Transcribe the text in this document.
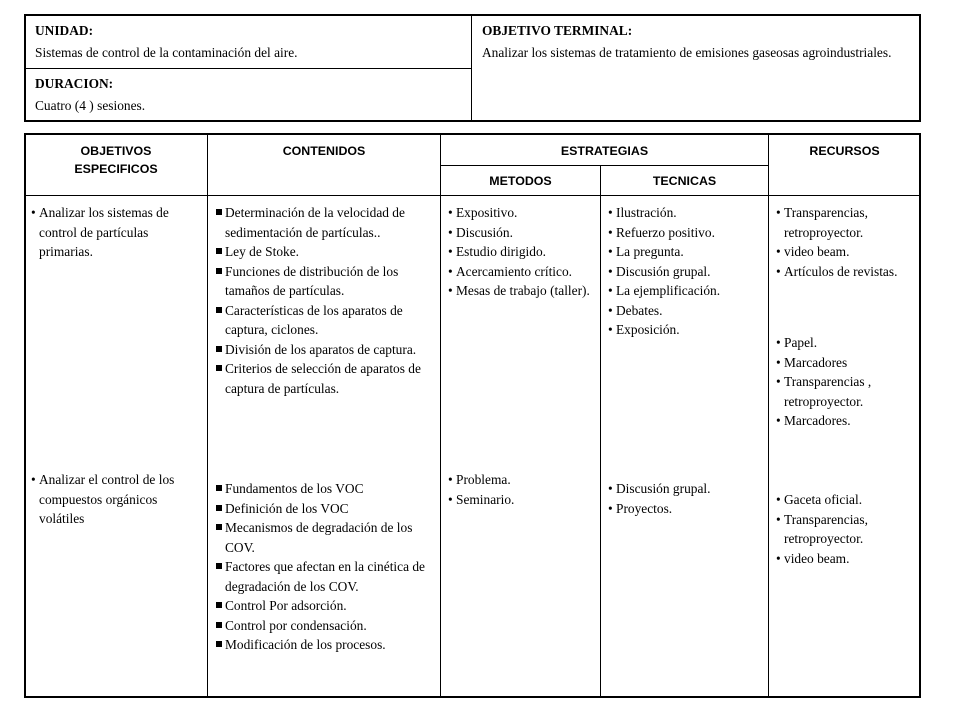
UNIDAD:
Sistemas de control de la contaminación del aire.
DURACION:
Cuatro (4 ) sesiones.
OBJETIVO TERMINAL:
Analizar los sistemas de tratamiento de emisiones gaseosas agroindustriales.
OBJETIVOS ESPECIFICOS
CONTENIDOS	ESTRATEGIAS
METODOS	TECNICAS
RECURSOS
• Analizar los sistemas de control de partículas primarias.
• Analizar el control de los compuestos orgánicos volátiles
Determinación de la velocidad de sedimentación de partículas..
Ley de Stoke.
Funciones de distribución de los tamaños de partículas.
Características de los aparatos de captura, ciclones.
División de los aparatos de captura.
Criterios de selección de aparatos de captura de partículas.
Fundamentos de los VOC
Definición de los VOC
Mecanismos de degradación de los COV.
Factores que afectan en la cinética de degradación de los COV.
Control Por adsorción.
Control por condensación.
Modificación de los procesos.
• Expositivo.
• Discusión.
• Estudio dirigido.
• Acercamiento crítico.
• Mesas de trabajo (taller).
• Problema.
• Seminario.
• Ilustración.
• Refuerzo positivo.
• La pregunta.
• Discusión grupal.
• La ejemplificación.
• Debates.
• Exposición.
• Discusión grupal.
• Proyectos.
• Transparencias, retroproyector.
• video beam.
• Artículos de revistas.
• Papel.
• Marcadores
• Transparencias , retroproyector.
• Marcadores.
• Gaceta oficial.
• Transparencias, retroproyector.
• video beam.
